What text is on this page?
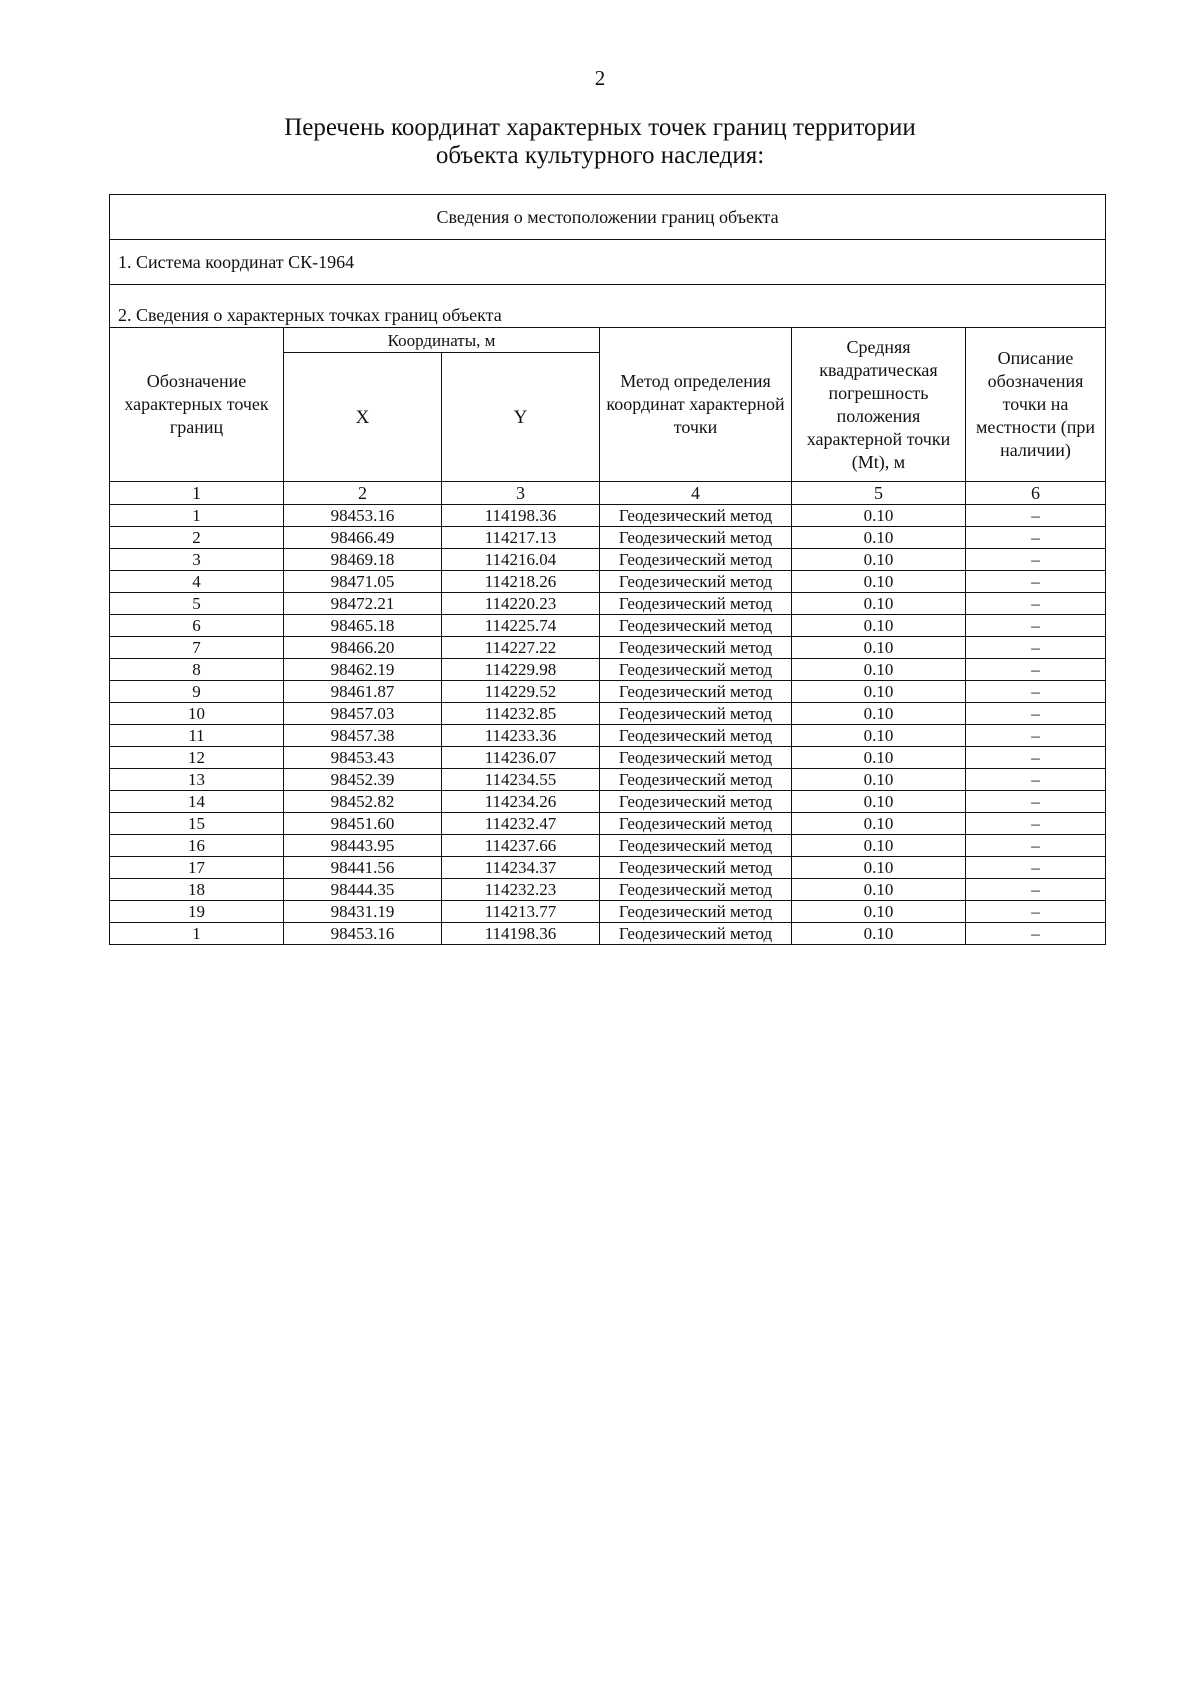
2
Перечень координат характерных точек границ территории
объекта культурного наследия:
Сведения о местоположении границ объекта					
1. Система координат СК-1964					
2. Сведения о характерных точках границ объекта					
Обозначение характерных точек границ	Координаты, м		Метод определения координат характерной точки	Средняя квадратическая погрешность положения характерной точки (Mt), м	Описание обозначения точки на местности (при наличии)
	X	Y			
1	2	3	4	5	6
1	98453.16	114198.36	Геодезический метод	0.10	–
2	98466.49	114217.13	Геодезический метод	0.10	–
3	98469.18	114216.04	Геодезический метод	0.10	–
4	98471.05	114218.26	Геодезический метод	0.10	–
5	98472.21	114220.23	Геодезический метод	0.10	–
6	98465.18	114225.74	Геодезический метод	0.10	–
7	98466.20	114227.22	Геодезический метод	0.10	–
8	98462.19	114229.98	Геодезический метод	0.10	–
9	98461.87	114229.52	Геодезический метод	0.10	–
10	98457.03	114232.85	Геодезический метод	0.10	–
11	98457.38	114233.36	Геодезический метод	0.10	–
12	98453.43	114236.07	Геодезический метод	0.10	–
13	98452.39	114234.55	Геодезический метод	0.10	–
14	98452.82	114234.26	Геодезический метод	0.10	–
15	98451.60	114232.47	Геодезический метод	0.10	–
16	98443.95	114237.66	Геодезический метод	0.10	–
17	98441.56	114234.37	Геодезический метод	0.10	–
18	98444.35	114232.23	Геодезический метод	0.10	–
19	98431.19	114213.77	Геодезический метод	0.10	–
1	98453.16	114198.36	Геодезический метод	0.10	–
